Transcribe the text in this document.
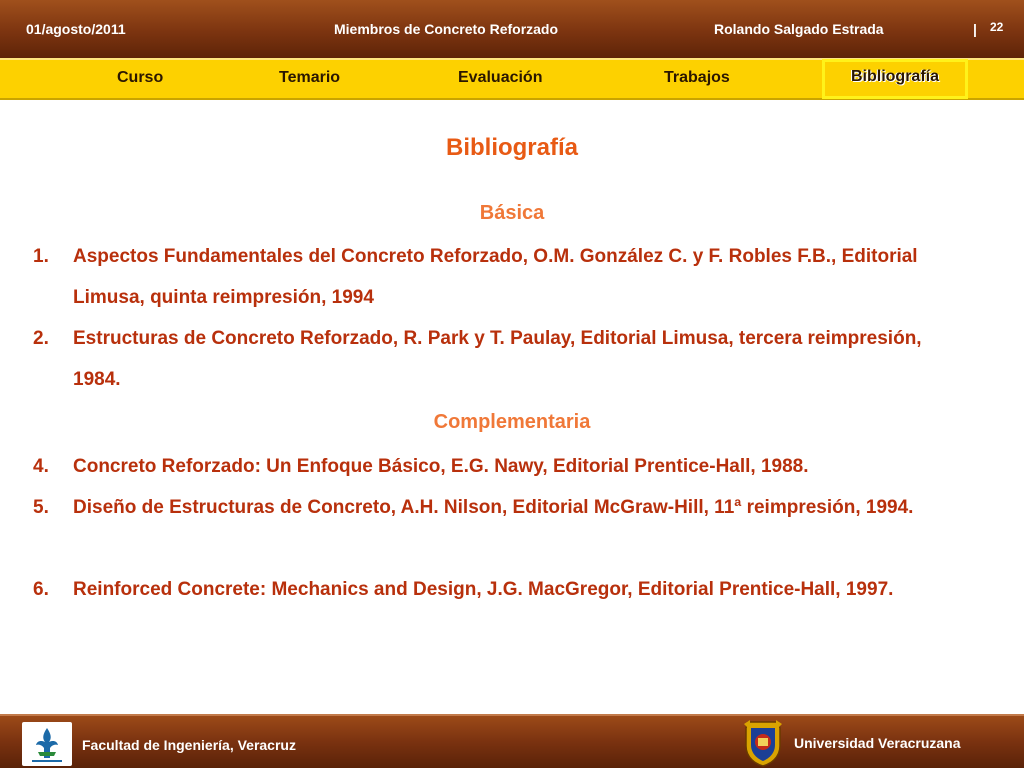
01/agosto/2011	Miembros de Concreto Reforzado	Rolando Salgado Estrada	| 22
Curso	Temario	Evaluación	Trabajos	Bibliografía
Bibliografía
Básica
1. Aspectos Fundamentales del Concreto Reforzado, O.M. González C. y F. Robles F.B., Editorial Limusa, quinta reimpresión, 1994
2. Estructuras de Concreto Reforzado, R. Park y T. Paulay, Editorial Limusa, tercera reimpresión, 1984.
Complementaria
4. Concreto Reforzado: Un Enfoque Básico, E.G. Nawy, Editorial Prentice-Hall, 1988.
5. Diseño de Estructuras de Concreto, A.H. Nilson, Editorial McGraw-Hill, 11ª reimpresión, 1994.
6. Reinforced Concrete: Mechanics and Design, J.G. MacGregor, Editorial Prentice-Hall, 1997.
Facultad de Ingeniería, Veracruz	Universidad Veracruzana
